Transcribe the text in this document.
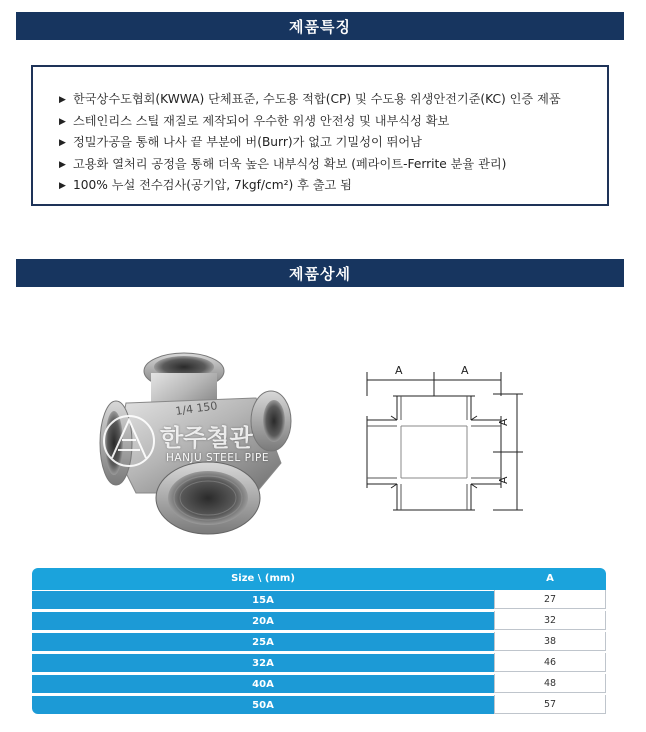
제품특징
▶ 한국상수도협회(KWWA) 단체표준, 수도용 적합(CP) 및 수도용 위생안전기준(KC) 인증 제품
▶ 스테인리스 스틸 재질로 제작되어 우수한 위생 안전성 및 내부식성 확보
▶ 정밀가공을 통해 나사 끝 부분에 버(Burr)가 없고 기밀성이 뛰어남
▶ 고용화 열처리 공정을 통해 더욱 높은 내부식성 확보 (페라이트-Ferrite 분율 관리)
▶ 100% 누설 전수검사(공기압, 7kgf/cm²) 후 출고 됨
제품상세
1/4 150
한주철관
HANJU STEEL PIPE
A	A
A
A
Size \ (mm)	A
15A	27
20A	32
25A	38
32A	46
40A	48
50A	57
